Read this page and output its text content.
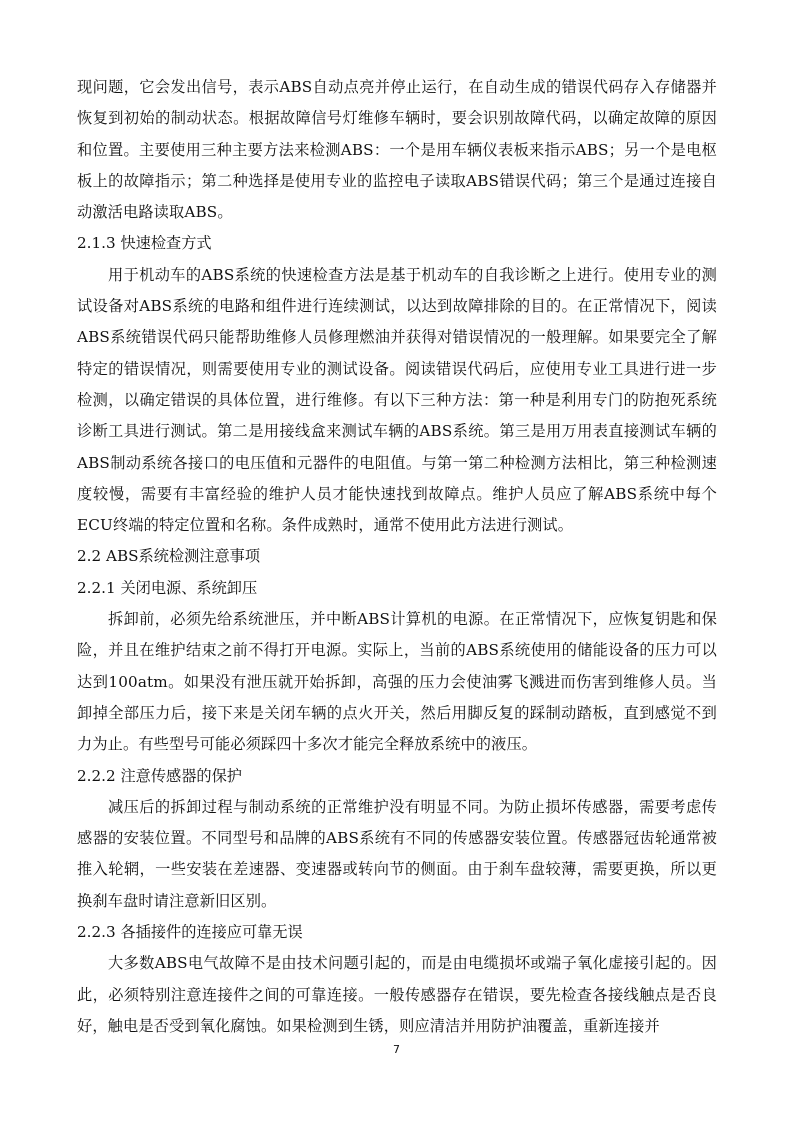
现问题，它会发出信号，表示ABS自动点亮并停止运行，在自动生成的错误代码存入存储器并恢复到初始的制动状态。根据故障信号灯维修车辆时，要会识别故障代码，以确定故障的原因和位置。主要使用三种主要方法来检测ABS：一个是用车辆仪表板来指示ABS；另一个是电枢板上的故障指示；第二种选择是使用专业的监控电子读取ABS错误代码；第三个是通过连接自动激活电路读取ABS。

2.1.3 快速检查方式

用于机动车的ABS系统的快速检查方法是基于机动车的自我诊断之上进行。使用专业的测试设备对ABS系统的电路和组件进行连续测试，以达到故障排除的目的。在正常情况下，阅读ABS系统错误代码只能帮助维修人员修理燃油并获得对错误情况的一般理解。如果要完全了解特定的错误情况，则需要使用专业的测试设备。阅读错误代码后，应使用专业工具进行进一步检测，以确定错误的具体位置，进行维修。有以下三种方法：第一种是利用专门的防抱死系统诊断工具进行测试。第二是用接线盒来测试车辆的ABS系统。第三是用万用表直接测试车辆的ABS制动系统各接口的电压值和元器件的电阻值。与第一第二种检测方法相比，第三种检测速度较慢，需要有丰富经验的维护人员才能快速找到故障点。维护人员应了解ABS系统中每个ECU终端的特定位置和名称。条件成熟时，通常不使用此方法进行测试。

2.2 ABS系统检测注意事项

2.2.1 关闭电源、系统卸压

拆卸前，必须先给系统泄压，并中断ABS计算机的电源。在正常情况下，应恢复钥匙和保险，并且在维护结束之前不得打开电源。实际上，当前的ABS系统使用的储能设备的压力可以达到100atm。如果没有泄压就开始拆卸，高强的压力会使油雾飞溅进而伤害到维修人员。当卸掉全部压力后，接下来是关闭车辆的点火开关，然后用脚反复的踩制动踏板，直到感觉不到力为止。有些型号可能必须踩四十多次才能完全释放系统中的液压。

2.2.2 注意传感器的保护

减压后的拆卸过程与制动系统的正常维护没有明显不同。为防止损坏传感器，需要考虑传感器的安装位置。不同型号和品牌的ABS系统有不同的传感器安装位置。传感器冠齿轮通常被推入轮辋，一些安装在差速器、变速器或转向节的侧面。由于刹车盘较薄，需要更换，所以更换刹车盘时请注意新旧区别。

2.2.3 各插接件的连接应可靠无误

大多数ABS电气故障不是由技术问题引起的，而是由电缆损坏或端子氧化虚接引起的。因此，必须特别注意连接件之间的可靠连接。一般传感器存在错误，要先检查各接线触点是否良好，触电是否受到氧化腐蚀。如果检测到生锈，则应清洁并用防护油覆盖，重新连接并

7
